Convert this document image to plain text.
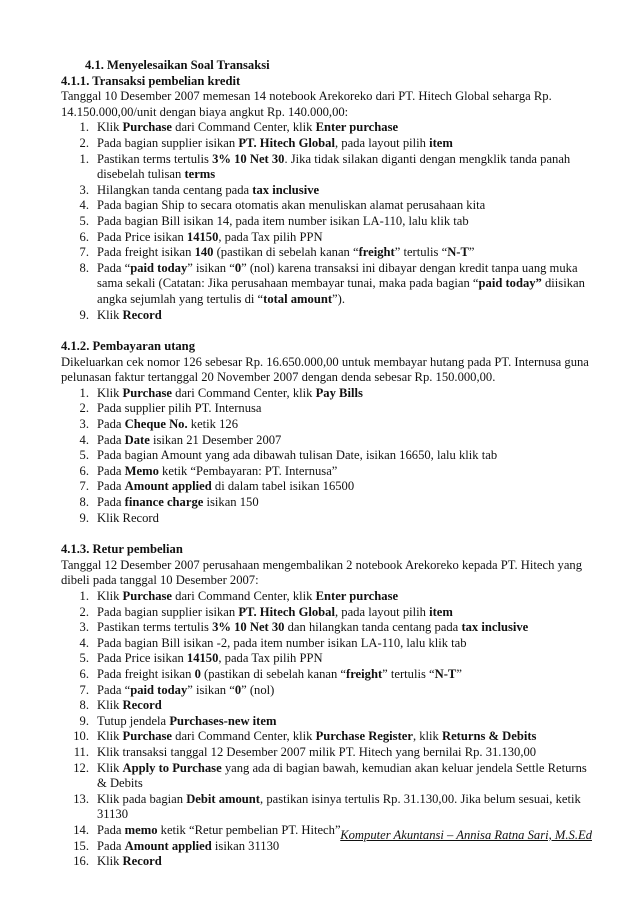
4.1. Menyelesaikan Soal Transaksi

4.1.1. Transaksi pembelian kredit

Tanggal 10 Desember 2007 memesan 14 notebook Arekoreko dari PT. Hitech Global seharga Rp. 14.150.000,00/unit dengan biaya angkut Rp. 140.000,00:

1. Klik Purchase dari Command Center, klik Enter purchase
2. Pada bagian supplier isikan PT. Hitech Global, pada layout pilih item
1. Pastikan terms tertulis 3% 10 Net 30. Jika tidak silakan diganti dengan mengklik tanda panah disebelah tulisan terms
3. Hilangkan tanda centang pada tax inclusive
4. Pada bagian Ship to secara otomatis akan menuliskan alamat perusahaan kita
5. Pada bagian Bill isikan 14, pada item number isikan LA-110, lalu klik tab
6. Pada Price isikan 14150, pada Tax pilih PPN
7. Pada freight isikan 140 (pastikan di sebelah kanan “freight” tertulis “N-T”
8. Pada “paid today” isikan “0” (nol) karena transaksi ini dibayar dengan kredit tanpa uang muka sama sekali (Catatan: Jika perusahaan membayar tunai, maka pada bagian “paid today” diisikan angka sejumlah yang tertulis di “total amount”).
9. Klik Record

4.1.2. Pembayaran utang

Dikeluarkan cek nomor 126 sebesar Rp. 16.650.000,00 untuk membayar hutang pada PT. Internusa guna pelunasan faktur tertanggal 20 November 2007 dengan denda sebesar Rp. 150.000,00.

1. Klik Purchase dari Command Center, klik Pay Bills
2. Pada supplier pilih PT. Internusa
3. Pada Cheque No. ketik 126
4. Pada Date isikan 21 Desember 2007
5. Pada bagian Amount yang ada dibawah tulisan Date, isikan 16650, lalu klik tab
6. Pada Memo ketik “Pembayaran: PT. Internusa”
7. Pada Amount applied di dalam tabel isikan 16500
8. Pada finance charge isikan 150
9. Klik Record

4.1.3. Retur pembelian

Tanggal 12 Desember 2007 perusahaan mengembalikan 2 notebook Arekoreko kepada PT. Hitech yang dibeli pada tanggal 10 Desember 2007:

1. Klik Purchase dari Command Center, klik Enter purchase
2. Pada bagian supplier isikan PT. Hitech Global, pada layout pilih item
3. Pastikan terms tertulis 3% 10 Net 30 dan hilangkan tanda centang pada tax inclusive
4. Pada bagian Bill isikan -2, pada item number isikan LA-110, lalu klik tab
5. Pada Price isikan 14150, pada Tax pilih PPN
6. Pada freight isikan 0 (pastikan di sebelah kanan “freight” tertulis “N-T”
7. Pada “paid today” isikan “0” (nol)
8. Klik Record
9. Tutup jendela Purchases-new item
10. Klik Purchase dari Command Center, klik Purchase Register, klik Returns & Debits
11. Klik transaksi tanggal 12 Desember 2007 milik PT. Hitech yang bernilai Rp. 31.130,00
12. Klik Apply to Purchase yang ada di bagian bawah, kemudian akan keluar jendela Settle Returns & Debits
13. Klik pada bagian Debit amount, pastikan isinya tertulis Rp. 31.130,00. Jika belum sesuai, ketik 31130
14. Pada memo ketik “Retur pembelian PT. Hitech”
15. Pada Amount applied isikan 31130
16. Klik Record
Komputer Akuntansi – Annisa Ratna Sari, M.S.Ed
